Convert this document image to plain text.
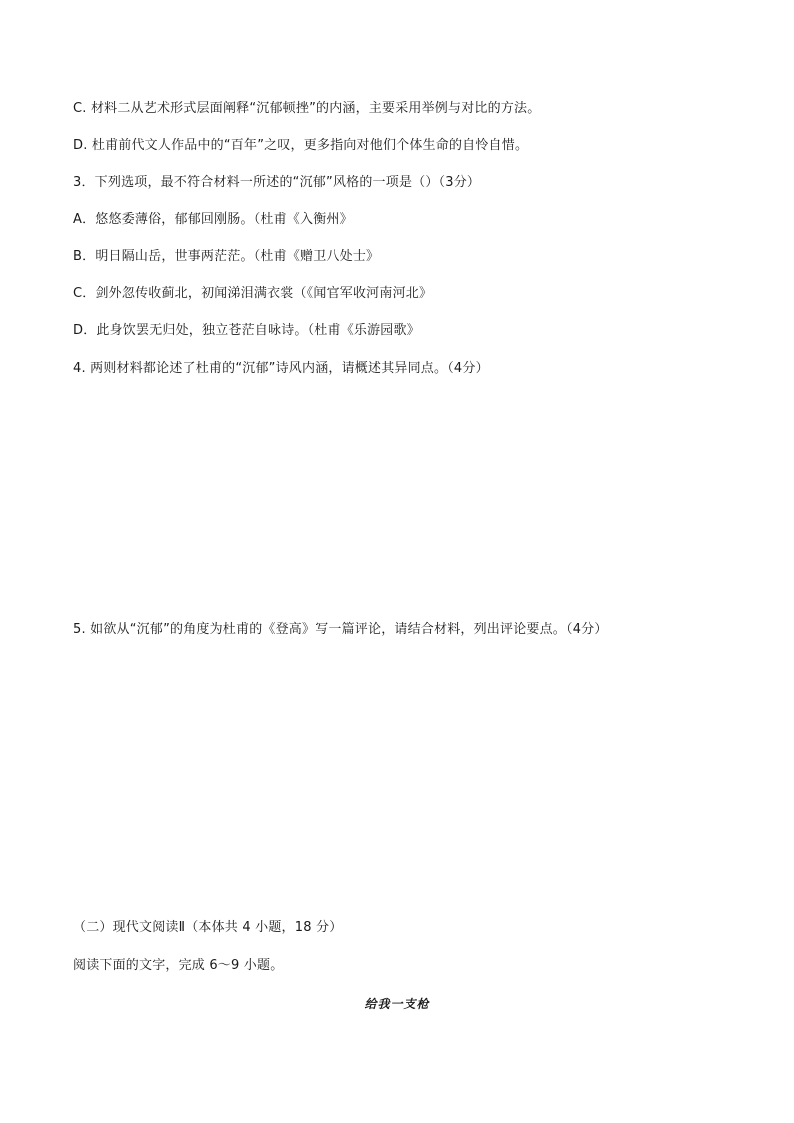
C. 材料二从艺术形式层面阐释“沉郁顿挫”的内涵，主要采用举例与对比的方法。
D. 杜甫前代文人作品中的“百年”之叹，更多指向对他们个体生命的自怜自惜。
3．下列选项，最不符合材料一所述的“沉郁”风格的一项是（）（3分）
A．悠悠委薄俗，郁郁回刚肠。（杜甫《入衡州》
B．明日隔山岳，世事两茫茫。（杜甫《赠卫八处士》
C．剑外忽传收蓟北，初闻涕泪满衣裳（《闻官军收河南河北》
D．此身饮罢无归处，独立苍茫自咏诗。（杜甫《乐游园歌》
4. 两则材料都论述了杜甫的“沉郁”诗风内涵，请概述其异同点。（4分）
5. 如欲从“沉郁”的角度为杜甫的《登高》写一篇评论，请结合材料，列出评论要点。（4分）
（二）现代文阅读Ⅱ（本体共 4 小题，18 分）
阅读下面的文字，完成 6～9 小题。
给我一支枪
